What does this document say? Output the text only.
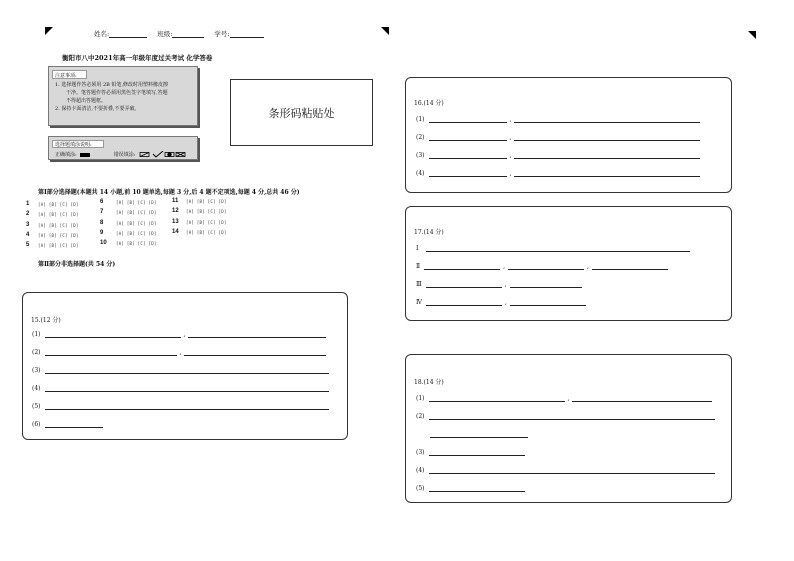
姓名:	班级:	学号:
衡阳市八中2021年高一年级年度过关考试 化学答卷
注意事项:
1. 选择题作答必须用 2B 铅笔,修改时用塑料橡皮擦
干净。笔答题作答必须用黑色签字笔填写,答题
不得超出答题框。
2. 保持卡面清洁,不要折叠,不要弄破。
选择题填涂说明:
正确填涂:	错误填涂:
条形码粘贴处
第Ⅰ部分选择题(本题共 14 小题,前 10 题单选,每题 3 分,后 4 题不定项选,每题 4 分,总共 46 分)
1 [A] [B] [C] [D]
2 [A] [B] [C] [D]
3 [A] [B] [C] [D]
4 [A] [B] [C] [D]
5 [A] [B] [C] [D]
6	[A] [B] [C] [D]
7	[A] [B] [C] [D]
8	[A] [B] [C] [D]
9	[A] [B] [C] [D]
10 [A] [B] [C] [D]
11 [A] [B] [C] [D]
12 [A] [B] [C] [D]
13 [A] [B] [C] [D]
14 [A] [B] [C] [D]
第Ⅱ部分非选择题(共 54 分)
15.(12 分)
(1)	,
(2)	,
(3)
(4)
(5)
(6)
16.(14 分)
(1)	,
(2)	,
(3)	,
(4)	,
17.(14 分)
Ⅰ
Ⅱ	,	,
Ⅲ	,
Ⅳ	,
18.(14 分)
(1)	,
(2)
(3)
(4)
(5)
